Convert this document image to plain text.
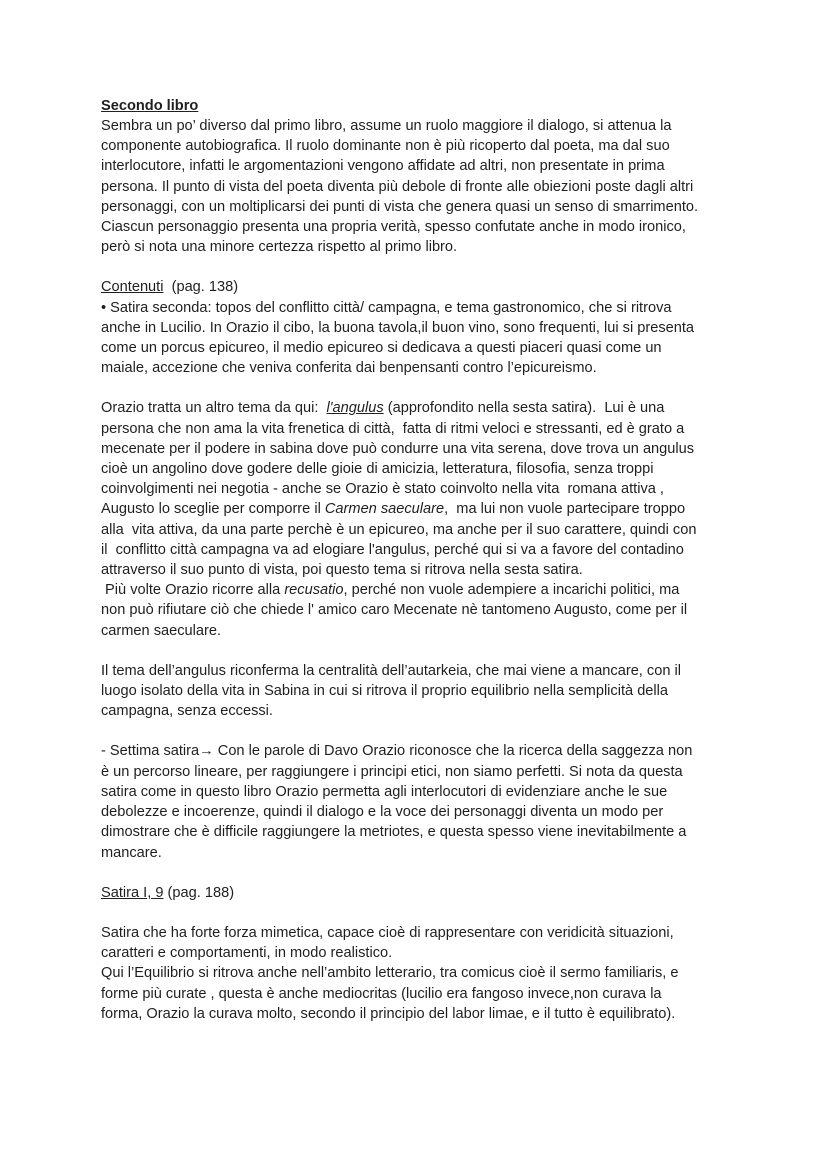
Secondo libro

Sembra un po’ diverso dal primo libro, assume un ruolo maggiore il dialogo, si attenua la
componente autobiografica. Il ruolo dominante non è più ricoperto dal poeta, ma dal suo
interlocutore, infatti le argomentazioni vengono affidate ad altri, non presentate in prima
persona. Il punto di vista del poeta diventa più debole di fronte alle obiezioni poste dagli altri
personaggi, con un moltiplicarsi dei punti di vista che genera quasi un senso di smarrimento.
Ciascun personaggio presenta una propria verità, spesso confutate anche in modo ironico,
però si nota una minore certezza rispetto al primo libro.

Contenuti  (pag. 138)

• Satira seconda: topos del conflitto città/ campagna, e tema gastronomico, che si ritrova
anche in Lucilio. In Orazio il cibo, la buona tavola,il buon vino, sono frequenti, lui si presenta
come un porcus epicureo, il medio epicureo si dedicava a questi piaceri quasi come un
maiale, accezione che veniva conferita dai benpensanti contro l’epicureismo.

Orazio tratta un altro tema da qui:  l'angulus (approfondito nella sesta satira).  Lui è una
persona che non ama la vita frenetica di città,  fatta di ritmi veloci e stressanti, ed è grato a
mecenate per il podere in sabina dove può condurre una vita serena, dove trova un angulus
cioè un angolino dove godere delle gioie di amicizia, letteratura, filosofia, senza troppi
coinvolgimenti nei negotia - anche se Orazio è stato coinvolto nella vita  romana attiva ,
Augusto lo sceglie per comporre il Carmen saeculare,  ma lui non vuole partecipare troppo
alla  vita attiva, da una parte perchè è un epicureo, ma anche per il suo carattere, quindi con
il  conflitto città campagna va ad elogiare l'angulus, perché qui si va a favore del contadino
attraverso il suo punto di vista, poi questo tema si ritrova nella sesta satira.
Più volte Orazio ricorre alla recusatio, perché non vuole adempiere a incarichi politici, ma
non può rifiutare ciò che chiede l' amico caro Mecenate nè tantomeno Augusto, come per il
carmen saeculare.

Il tema dell’angulus riconferma la centralità dell’autarkeia, che mai viene a mancare, con il
luogo isolato della vita in Sabina in cui si ritrova il proprio equilibrio nella semplicità della
campagna, senza eccessi.

- Settima satira→ Con le parole di Davo Orazio riconosce che la ricerca della saggezza non
è un percorso lineare, per raggiungere i principi etici, non siamo perfetti. Si nota da questa
satira come in questo libro Orazio permetta agli interlocutori di evidenziare anche le sue
debolezze e incoerenze, quindi il dialogo e la voce dei personaggi diventa un modo per
dimostrare che è difficile raggiungere la metriotes, e questa spesso viene inevitabilmente a
mancare.

Satira I, 9 (pag. 188)

Satira che ha forte forza mimetica, capace cioè di rappresentare con veridicità situazioni,
caratteri e comportamenti, in modo realistico.
Qui l’Equilibrio si ritrova anche nell’ambito letterario, tra comicus cioè il sermo familiaris, e
forme più curate , questa è anche mediocritas (lucilio era fangoso invece,non curava la
forma, Orazio la curava molto, secondo il principio del labor limae, e il tutto è equilibrato).
